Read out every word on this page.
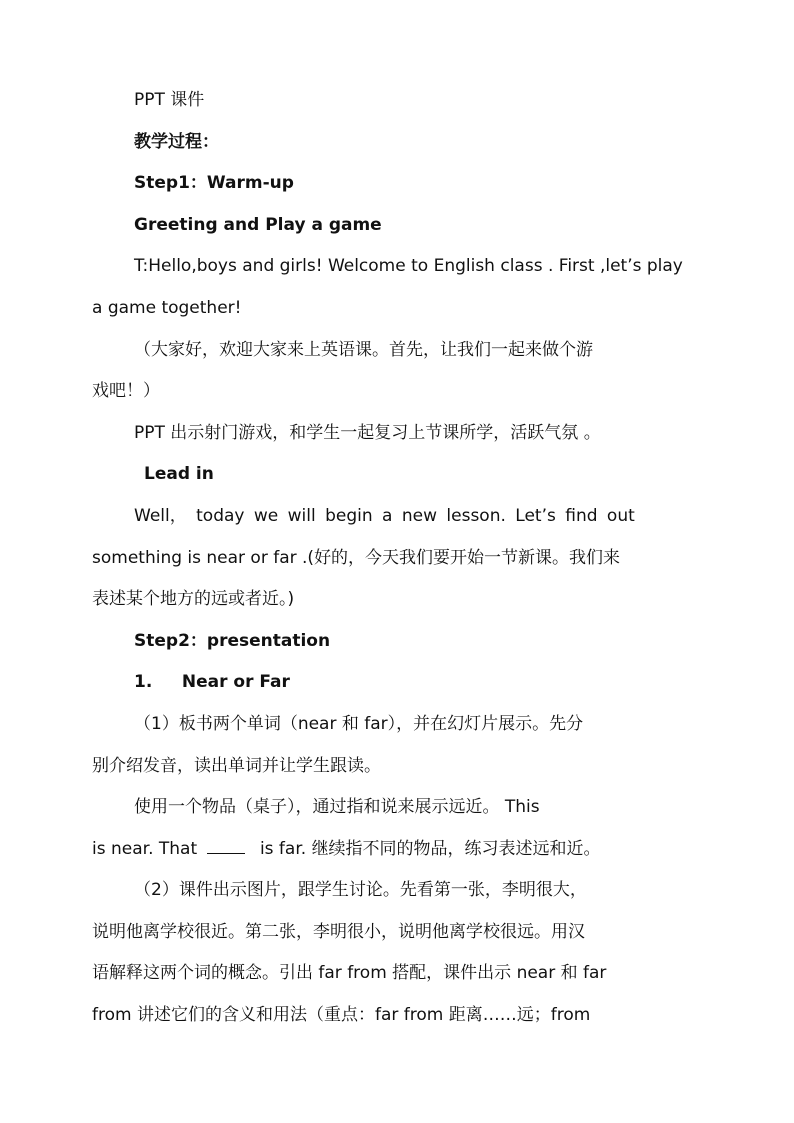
PPT 课件

教学过程：

Step1：Warm-up

Greeting and Play a game

T:Hello,boys and girls! Welcome to English class . First ,let’s play

a game together!

（大家好，欢迎大家来上英语课。首先，让我们一起来做个游

戏吧！）

PPT 出示射门游戏，和学生一起复习上节课所学，活跃气氛 。

Lead in

Well， today we will begin a new lesson. Let’s find out

something is near or far .(好的，今天我们要开始一节新课。我们来

表述某个地方的远或者近。)

Step2：presentation

1.     Near or Far

（1）板书两个单词（near 和 far），并在幻灯片展示。先分

别介绍发音，读出单词并让学生跟读。

使用一个物品（桌子），通过指和说来展示远近。 This

is near. That	is far. 继续指不同的物品，练习表述远和近。

（2）课件出示图片，跟学生讨论。先看第一张，李明很大，

说明他离学校很近。第二张，李明很小，说明他离学校很远。用汉

语解释这两个词的概念。引出 far from 搭配，课件出示 near 和 far

from 讲述它们的含义和用法（重点：far from 距离……远；from
